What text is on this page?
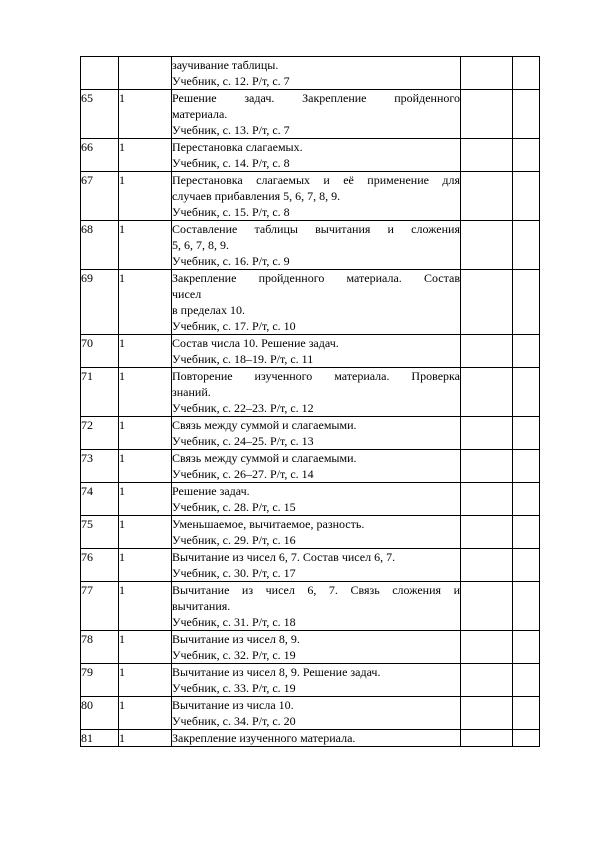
		заучивание таблицы.
Учебник, с. 12. Р/т, с. 7		

65	1	Решение задач. Закрепление пройденного
материала.
Учебник, с. 13. Р/т, с. 7		

66	1	Перестановка слагаемых.
Учебник, с. 14. Р/т, с. 8		

67	1	Перестановка слагаемых и её применение для
случаев прибавления 5, 6, 7, 8, 9.
Учебник, с. 15. Р/т, с. 8		

68	1	Составление таблицы вычитания и сложения
5, 6, 7, 8, 9.
Учебник, с. 16. Р/т, с. 9		

69	1	Закрепление пройденного материала. Состав
чисел
в пределах 10.
Учебник, с. 17. Р/т, с. 10		

70	1	Состав числа 10. Решение задач.
Учебник, с. 18–19. Р/т, с. 11		

71	1	Повторение изученного материала. Проверка
знаний.
Учебник, с. 22–23. Р/т, с. 12		

72	1	Связь между суммой и слагаемыми.
Учебник, с. 24–25. Р/т, с. 13		

73	1	Связь между суммой и слагаемыми.
Учебник, с. 26–27. Р/т, с. 14		

74	1	Решение задач.
Учебник, с. 28. Р/т, с. 15		

75	1	Уменьшаемое, вычитаемое, разность.
Учебник, с. 29. Р/т, с. 16		

76	1	Вычитание из чисел 6, 7. Состав чисел 6, 7.
Учебник, с. 30. Р/т, с. 17		

77	1	Вычитание из чисел 6, 7. Связь сложения и
вычитания.
Учебник, с. 31. Р/т, с. 18		

78	1	Вычитание из чисел 8, 9.
Учебник, с. 32. Р/т, с. 19		

79	1	Вычитание из чисел 8, 9. Решение задач.
Учебник, с. 33. Р/т, с. 19		

80	1	Вычитание из числа 10.
Учебник, с. 34. Р/т, с. 20		

81	1	Закрепление изученного материала.		
